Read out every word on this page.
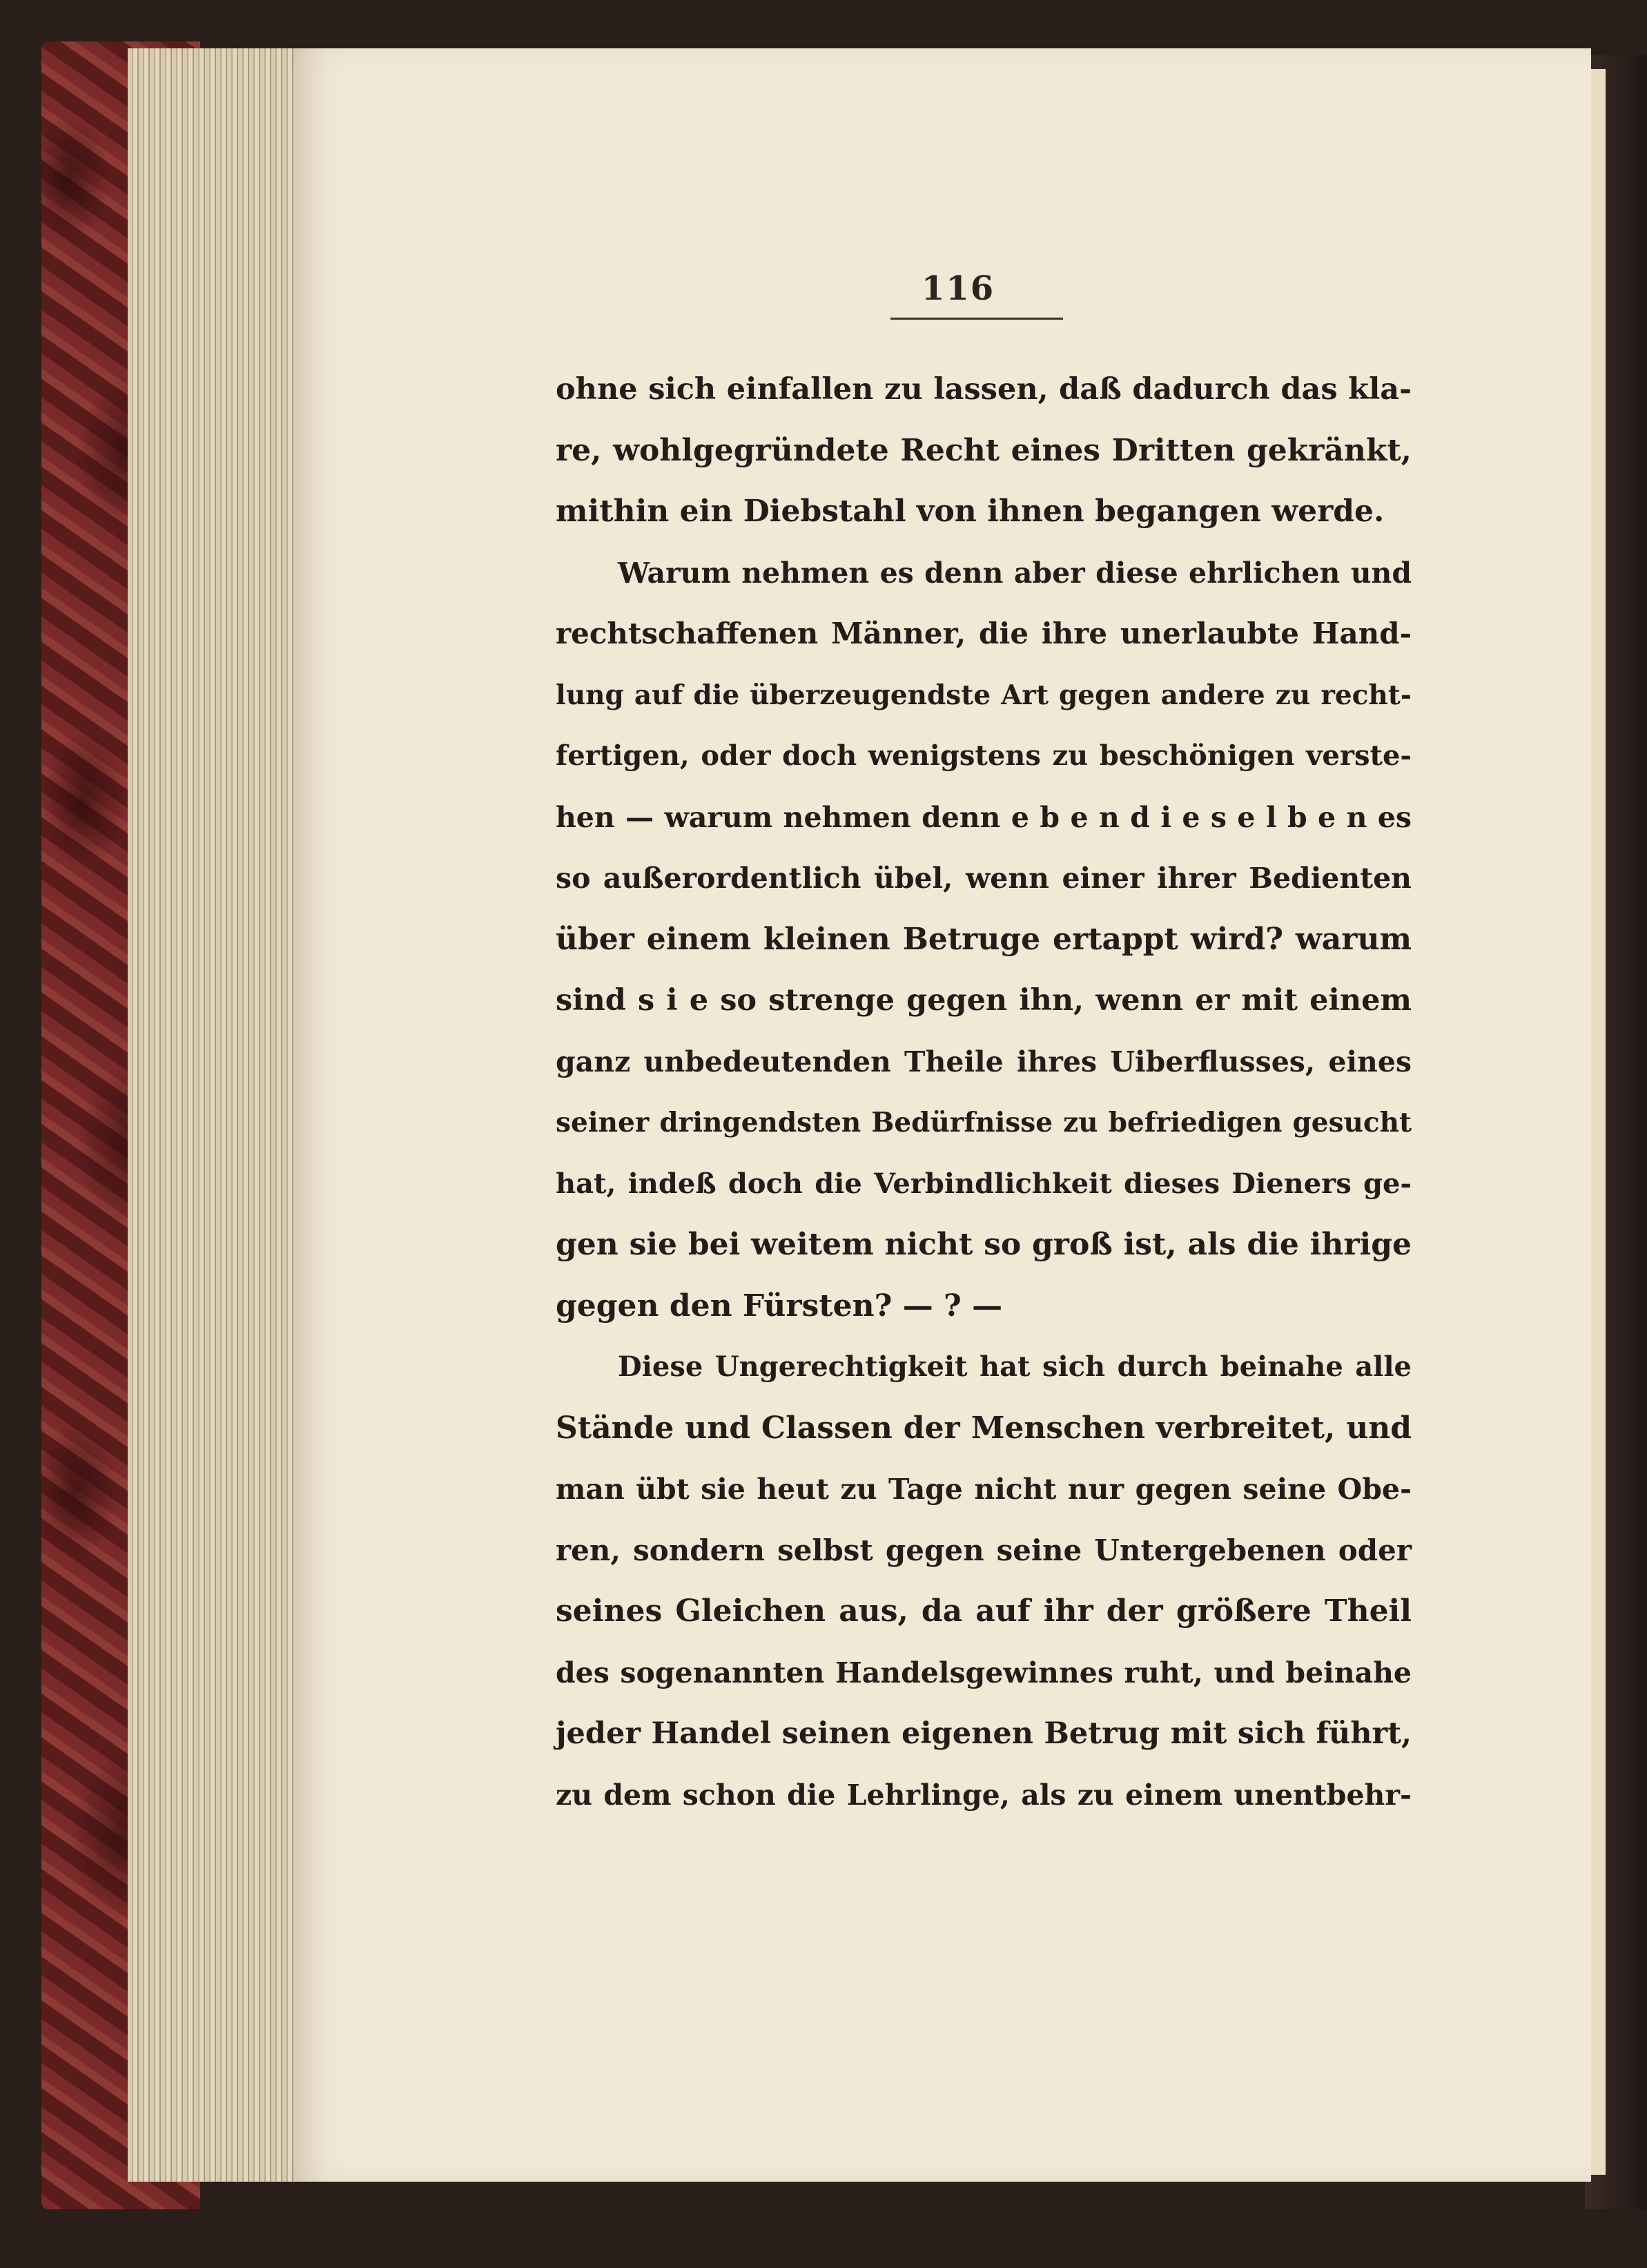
116
ohne sich einfallen zu lassen, daß dadurch das kla-
re, wohlgegründete Recht eines Dritten gekränkt,
mithin ein Diebstahl von ihnen begangen werde.
Warum nehmen es denn aber diese ehrlichen und
rechtschaffenen Männer, die ihre unerlaubte Hand-
lung auf die überzeugendste Art gegen andere zu recht-
fertigen, oder doch wenigstens zu beschönigen verste-
hen — warum nehmen denn e b e n d i e s e l b e n es
so außerordentlich übel, wenn einer ihrer Bedienten
über einem kleinen Betruge ertappt wird? warum
sind s i e so strenge gegen ihn, wenn er mit einem
ganz unbedeutenden Theile ihres Uiberflusses, eines
seiner dringendsten Bedürfnisse zu befriedigen gesucht
hat, indeß doch die Verbindlichkeit dieses Dieners ge-
gen sie bei weitem nicht so groß ist, als die ihrige
gegen den Fürsten? — ? —
Diese Ungerechtigkeit hat sich durch beinahe alle
Stände und Classen der Menschen verbreitet, und
man übt sie heut zu Tage nicht nur gegen seine Obe-
ren, sondern selbst gegen seine Untergebenen oder
seines Gleichen aus, da auf ihr der größere Theil
des sogenannten Handelsgewinnes ruht, und beinahe
jeder Handel seinen eigenen Betrug mit sich führt,
zu dem schon die Lehrlinge, als zu einem unentbehr-
